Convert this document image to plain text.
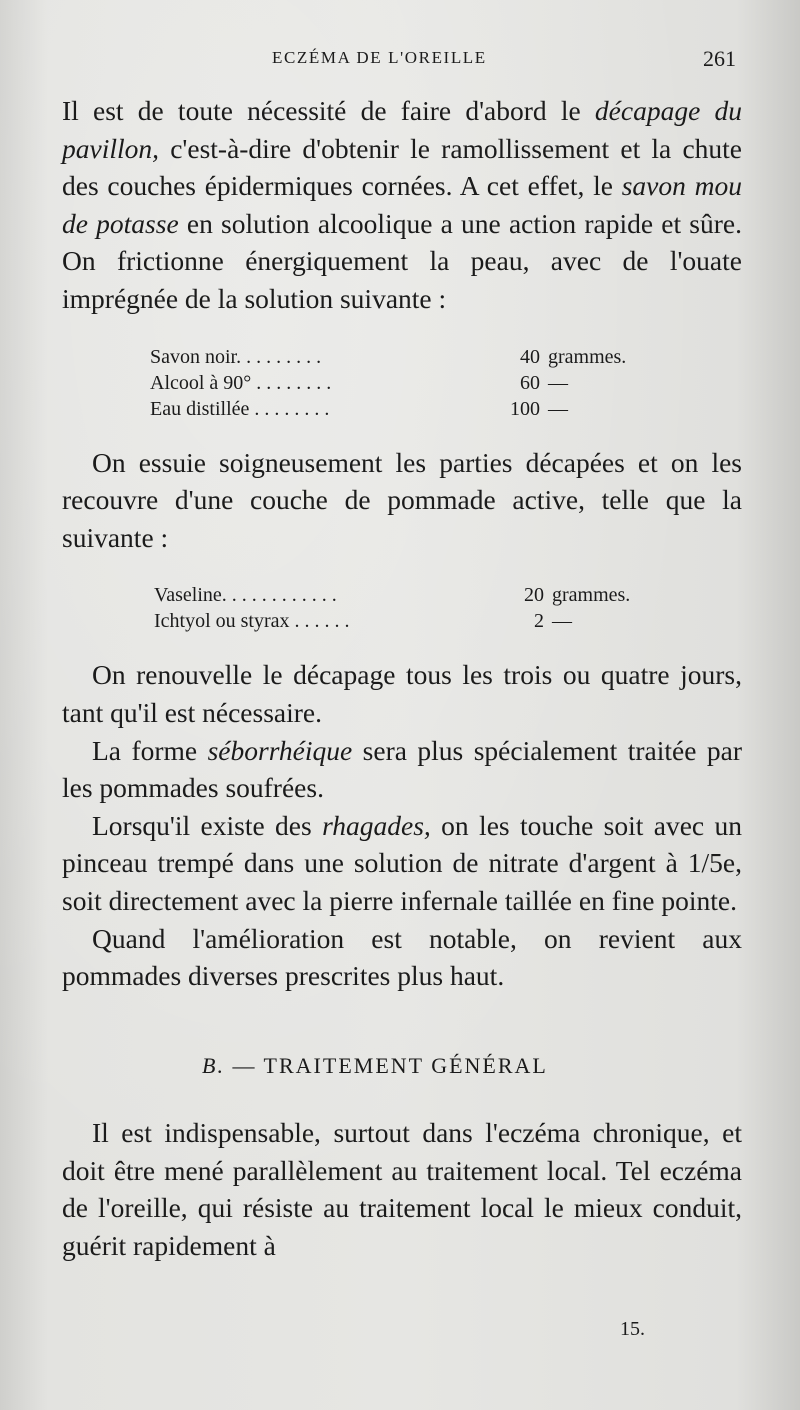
ECZÉMA DE L'OREILLE	261

Il est de toute nécessité de faire d'abord le décapage du pavillon, c'est-à-dire d'obtenir le ramollissement et la chute des couches épidermiques cornées. A cet effet, le savon mou de potasse en solution alcoolique a une action rapide et sûre. On frictionne énergiquement la peau, avec de l'ouate imprégnée de la solution suivante :

Savon noir. . . . . . . . .	40 grammes.
Alcool à 90° . . . . . . . .	60 —
Eau distillée . . . . . . . .	100 —

On essuie soigneusement les parties décapées et on les recouvre d'une couche de pommade active, telle que la suivante :

Vaseline. . . . . . . . . . . .	20 grammes.
Ichtyol ou styrax . . . . . .	2 —

On renouvelle le décapage tous les trois ou quatre jours, tant qu'il est nécessaire.

La forme séborrhéique sera plus spécialement traitée par les pommades soufrées.

Lorsqu'il existe des rhagades, on les touche soit avec un pinceau trempé dans une solution de nitrate d'argent à 1/5e, soit directement avec la pierre infernale taillée en fine pointe.

Quand l'amélioration est notable, on revient aux pommades diverses prescrites plus haut.

B. — TRAITEMENT GÉNÉRAL

Il est indispensable, surtout dans l'eczéma chronique, et doit être mené parallèlement au traitement local. Tel eczéma de l'oreille, qui résiste au traitement local le mieux conduit, guérit rapidement à

15.
